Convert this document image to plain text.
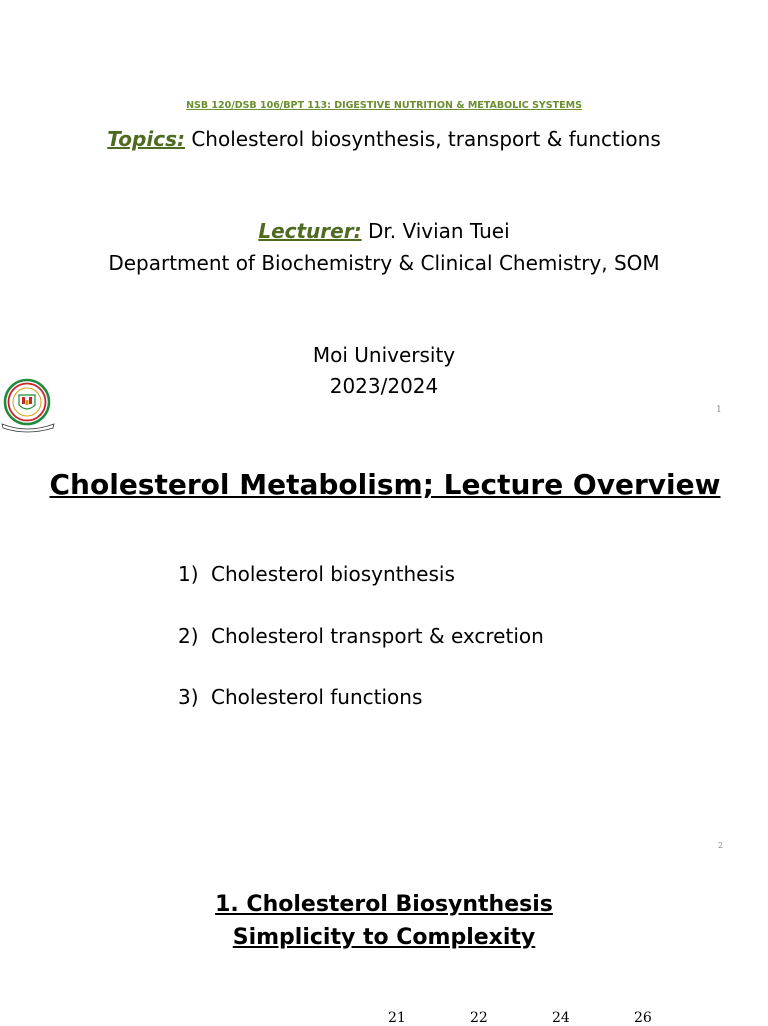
NSB 120/DSB 106/BPT 113: DIGESTIVE NUTRITION & METABOLIC SYSTEMS
Topics: Cholesterol biosynthesis, transport & functions
Lecturer: Dr. Vivian Tuei
Department of Biochemistry & Clinical Chemistry, SOM
Moi University
2023/2024
1
Cholesterol Metabolism; Lecture Overview
1) Cholesterol biosynthesis
2) Cholesterol transport & excretion
3) Cholesterol functions
2
1. Cholesterol Biosynthesis
Simplicity to Complexity
21	22	24	26
